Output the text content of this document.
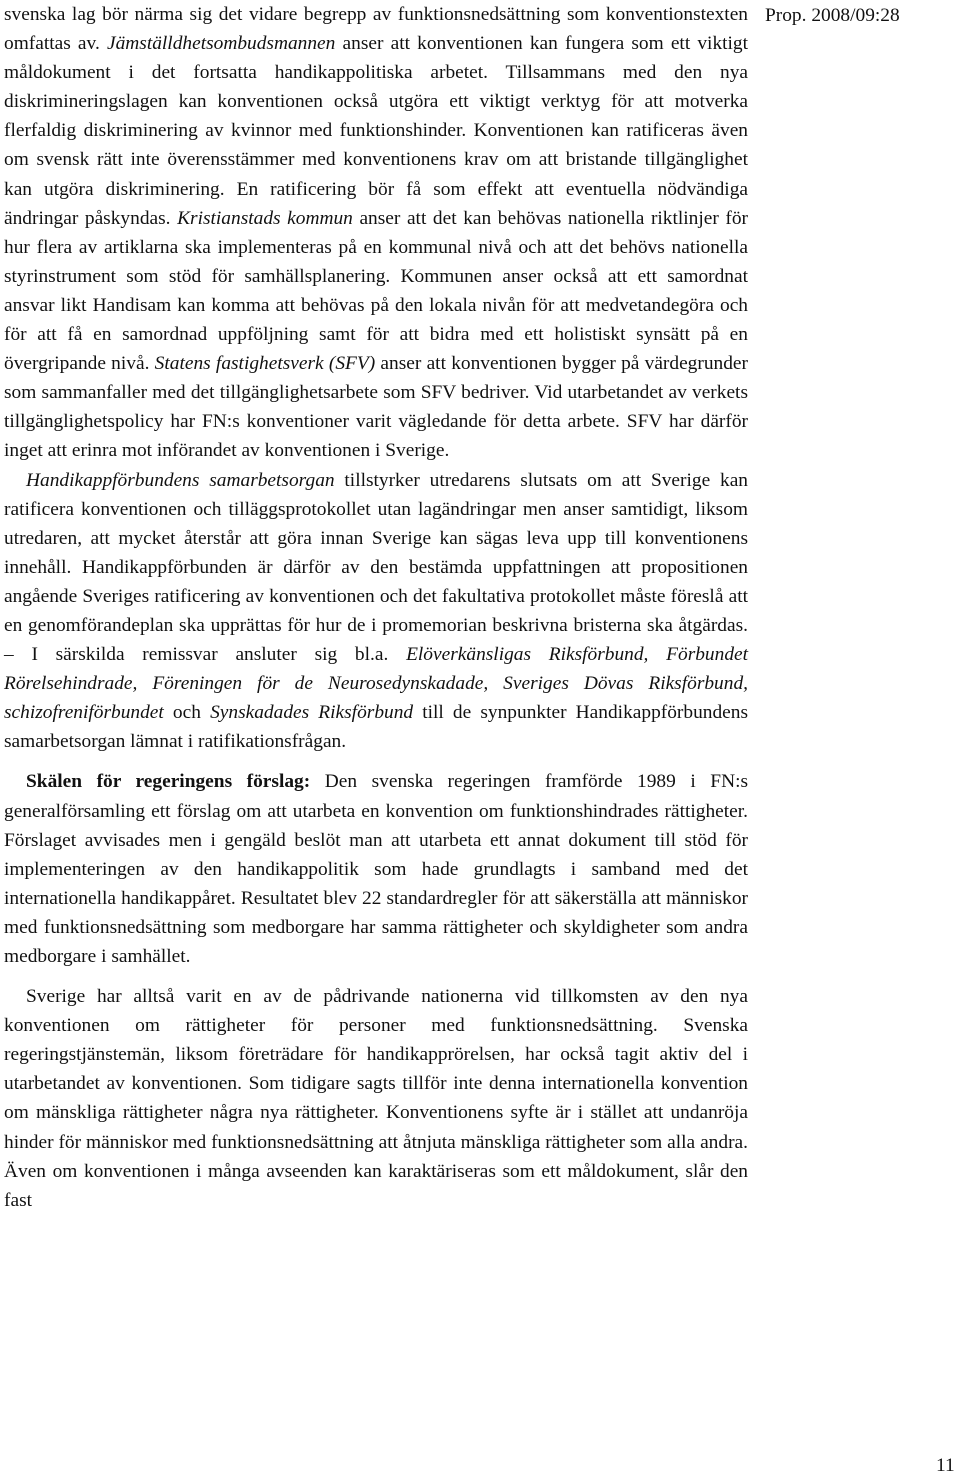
svenska lag bör närma sig det vidare begrepp av funktionsnedsättning som konventionstexten omfattas av. Jämställdhetsombudsmannen anser att konventionen kan fungera som ett viktigt måldokument i det fortsatta handikappolitiska arbetet. Tillsammans med den nya diskrimineringslagen kan konventionen också utgöra ett viktigt verktyg för att motverka flerfaldig diskriminering av kvinnor med funktionshinder. Konventionen kan ratificeras även om svensk rätt inte överensstämmer med konventionens krav om att bristande tillgänglighet kan utgöra diskriminering. En ratificering bör få som effekt att eventuella nödvändiga ändringar påskyndas. Kristianstads kommun anser att det kan behövas nationella riktlinjer för hur flera av artiklarna ska implementeras på en kommunal nivå och att det behövs nationella styrinstrument som stöd för samhällsplanering. Kommunen anser också att ett samordnat ansvar likt Handisam kan komma att behövas på den lokala nivån för att medvetandegöra och för att få en samordnad uppföljning samt för att bidra med ett holistiskt synsätt på en övergripande nivå. Statens fastighetsverk (SFV) anser att konventionen bygger på värdegrunder som sammanfaller med det tillgänglighetsarbete som SFV bedriver. Vid utarbetandet av verkets tillgänglighetspolicy har FN:s konventioner varit vägledande för detta arbete. SFV har därför inget att erinra mot införandet av konventionen i Sverige.

Handikappförbundens samarbetsorgan tillstyrker utredarens slutsats om att Sverige kan ratificera konventionen och tilläggsprotokollet utan lagändringar men anser samtidigt, liksom utredaren, att mycket återstår att göra innan Sverige kan sägas leva upp till konventionens innehåll. Handikappförbunden är därför av den bestämda uppfattningen att propositionen angående Sveriges ratificering av konventionen och det fakultativa protokollet måste föreslå att en genomförandeplan ska upprättas för hur de i promemorian beskrivna bristerna ska åtgärdas. – I särskilda remissvar ansluter sig bl.a. Elöverkänsligas Riksförbund, Förbundet Rörelsehindrade, Föreningen för de Neurosedynskadade, Sveriges Dövas Riksförbund, schizofreniförbundet och Synskadades Riksförbund till de synpunkter Handikappförbundens samarbetsorgan lämnat i ratifikationsfrågan.

Skälen för regeringens förslag: Den svenska regeringen framförde 1989 i FN:s generalförsamling ett förslag om att utarbeta en konvention om funktionshindrades rättigheter. Förslaget avvisades men i gengäld beslöt man att utarbeta ett annat dokument till stöd för implementeringen av den handikappolitik som hade grundlagts i samband med det internationella handikappåret. Resultatet blev 22 standardregler för att säkerställa att människor med funktionsnedsättning som medborgare har samma rättigheter och skyldigheter som andra medborgare i samhället.

Sverige har alltså varit en av de pådrivande nationerna vid tillkomsten av den nya konventionen om rättigheter för personer med funktionsnedsättning. Svenska regeringstjänstemän, liksom företrädare för handikapprörelsen, har också tagit aktiv del i utarbetandet av konventionen. Som tidigare sagts tillför inte denna internationella konvention om mänskliga rättigheter några nya rättigheter. Konventionens syfte är i stället att undanröja hinder för människor med funktionsnedsättning att åtnjuta mänskliga rättigheter som alla andra. Även om konventionen i många avseenden kan karaktäriseras som ett måldokument, slår den fast

Prop. 2008/09:28
11
